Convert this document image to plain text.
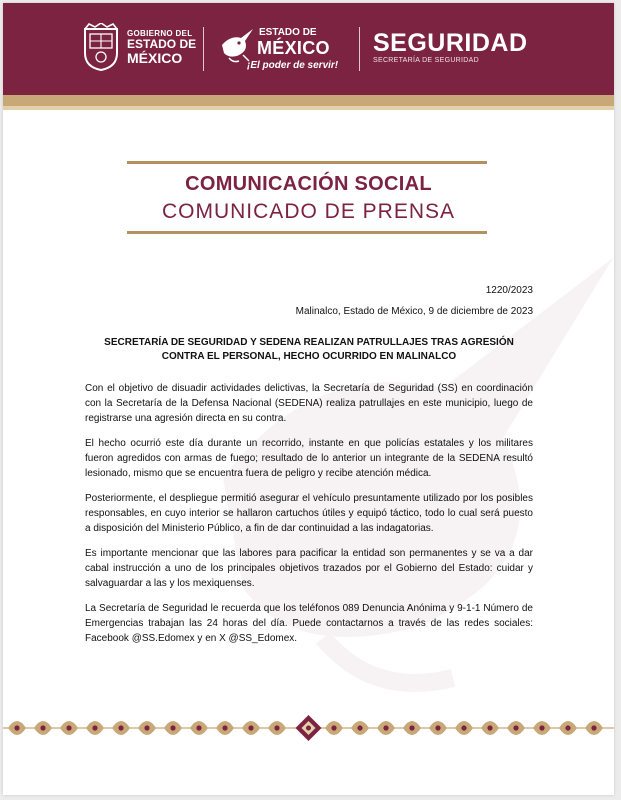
GOBIERNO DEL
ESTADO DE
MÉXICO
ESTADO DE
MÉXICO
¡El poder de servir!
SEGURIDAD
SECRETARÍA DE SEGURIDAD
COMUNICACIÓN SOCIAL
COMUNICADO DE PRENSA
1220/2023
Malinalco, Estado de México, 9 de diciembre de 2023
SECRETARÍA DE SEGURIDAD Y SEDENA REALIZAN PATRULLAJES TRAS AGRESIÓN CONTRA EL PERSONAL, HECHO OCURRIDO EN MALINALCO

Con el objetivo de disuadir actividades delictivas, la Secretaría de Seguridad (SS) en coordinación con la Secretaría de la Defensa Nacional (SEDENA) realiza patrullajes en este municipio, luego de registrarse una agresión directa en su contra.

El hecho ocurrió este día durante un recorrido, instante en que policías estatales y los militares fueron agredidos con armas de fuego; resultado de lo anterior un integrante de la SEDENA resultó lesionado, mismo que se encuentra fuera de peligro y recibe atención médica.

Posteriormente, el despliegue permitió asegurar el vehículo presuntamente utilizado por los posibles responsables, en cuyo interior se hallaron cartuchos útiles y equipó táctico, todo lo cual será puesto a disposición del Ministerio Público, a fin de dar continuidad a las indagatorias.

Es importante mencionar que las labores para pacificar la entidad son permanentes y se va a dar cabal instrucción a uno de los principales objetivos trazados por el Gobierno del Estado: cuidar y salvaguardar a las y los mexiquenses.

La Secretaría de Seguridad le recuerda que los teléfonos 089 Denuncia Anónima y 9-1-1 Número de Emergencias trabajan las 24 horas del día. Puede contactarnos a través de las redes sociales: Facebook @SS.Edomex y en X @SS_Edomex.
